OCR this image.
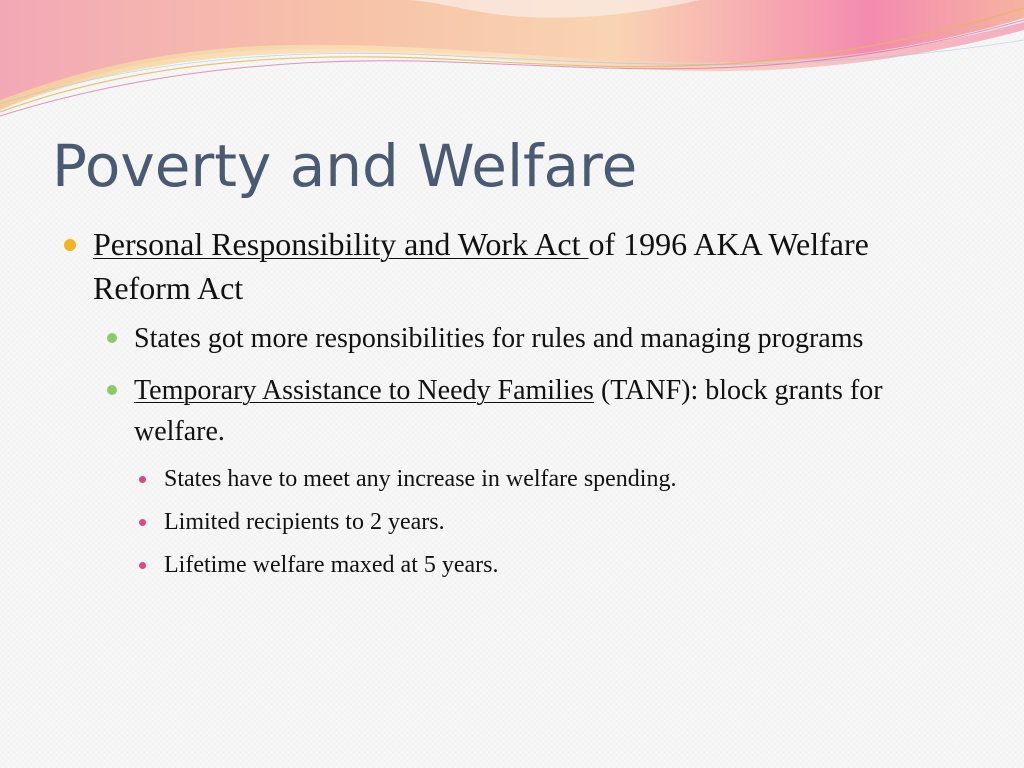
Poverty and Welfare
Personal Responsibility and Work Act of 1996 AKA Welfare Reform Act
States got more responsibilities for rules and managing programs
Temporary Assistance to Needy Families (TANF): block grants for welfare.
States have to meet any increase in welfare spending.
Limited recipients to 2 years.
Lifetime welfare maxed at 5 years.
